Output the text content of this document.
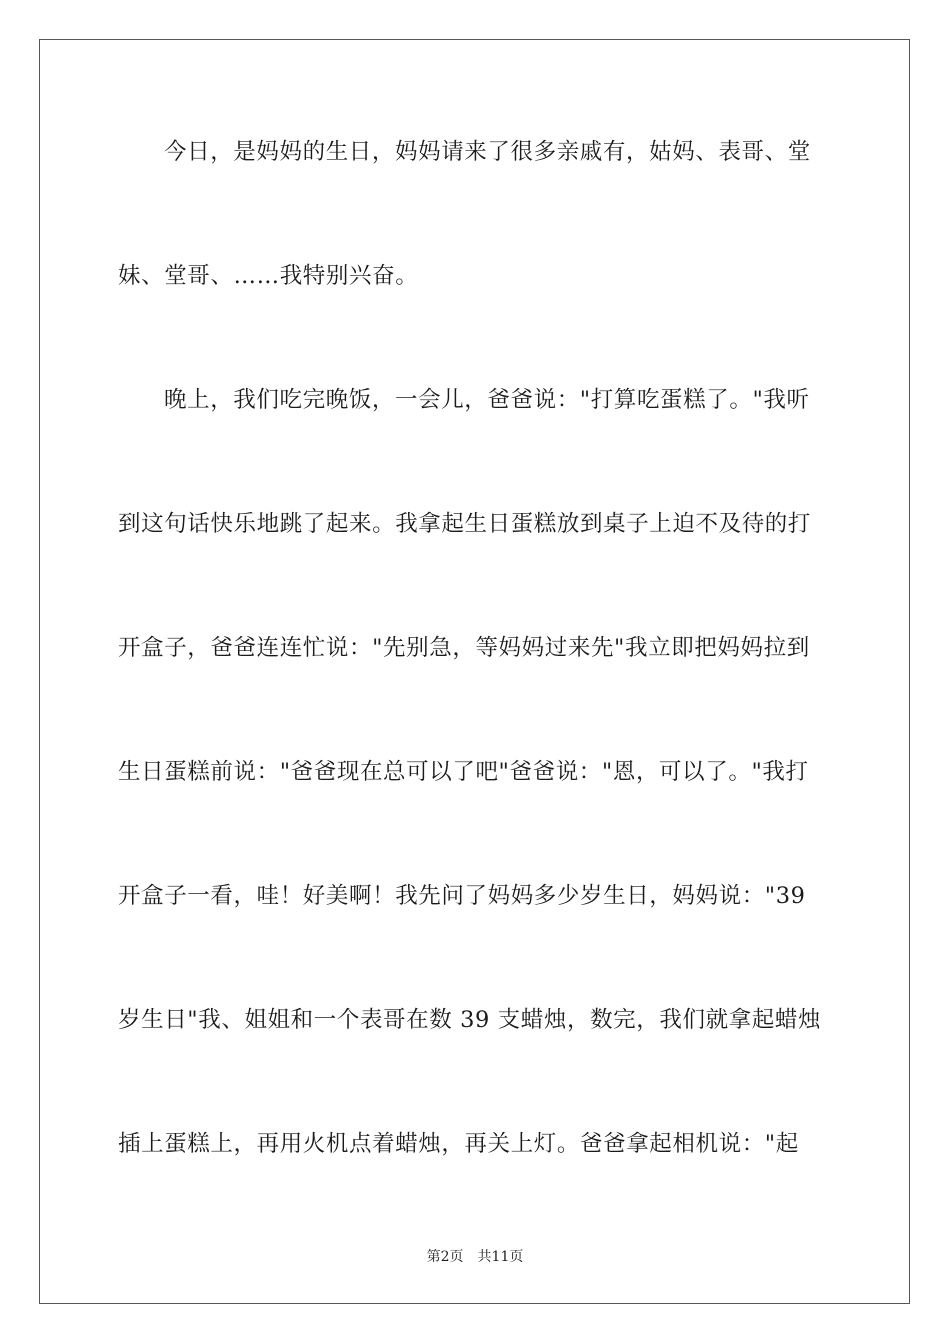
今日，是妈妈的生日，妈妈请来了很多亲戚有，姑妈、表哥、堂
妹、堂哥、……我特别兴奋。
晚上，我们吃完晚饭，一会儿，爸爸说："打算吃蛋糕了。"我听
到这句话快乐地跳了起来。我拿起生日蛋糕放到桌子上迫不及待的打
开盒子，爸爸连连忙说："先别急，等妈妈过来先"我立即把妈妈拉到
生日蛋糕前说："爸爸现在总可以了吧"爸爸说："恩，可以了。"我打
开盒子一看，哇！好美啊！我先问了妈妈多少岁生日，妈妈说："39
岁生日"我、姐姐和一个表哥在数 39 支蜡烛，数完，我们就拿起蜡烛
插上蛋糕上，再用火机点着蜡烛，再关上灯。爸爸拿起相机说："起
第2页 共11页
